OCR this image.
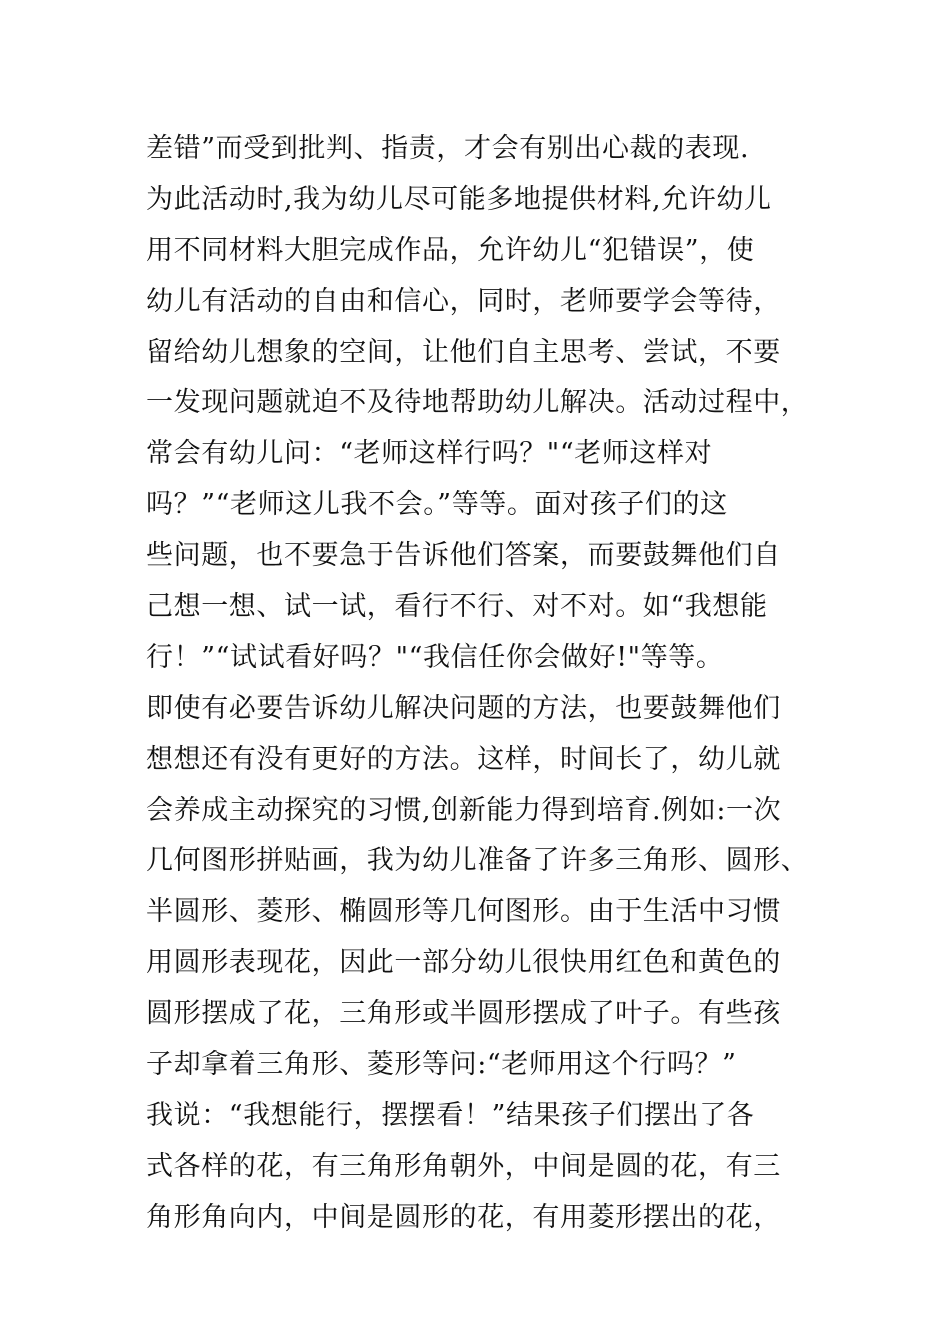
差错”而受到批判、指责，才会有别出心裁的表现.
为此活动时,我为幼儿尽可能多地提供材料,允许幼儿
用不同材料大胆完成作品，允许幼儿“犯错误”，使
幼儿有活动的自由和信心，同时，老师要学会等待，
留给幼儿想象的空间，让他们自主思考、尝试，不要
一发现问题就迫不及待地帮助幼儿解决。活动过程中，
常会有幼儿问：“老师这样行吗？"“老师这样对
吗？”“老师这儿我不会。”等等。面对孩子们的这
些问题，也不要急于告诉他们答案，而要鼓舞他们自
己想一想、试一试，看行不行、对不对。如“我想能
行！”“试试看好吗？"“我信任你会做好!"等等。
即使有必要告诉幼儿解决问题的方法，也要鼓舞他们
想想还有没有更好的方法。这样，时间长了，幼儿就
会养成主动探究的习惯,创新能力得到培育.例如:一次
几何图形拼贴画，我为幼儿准备了许多三角形、圆形、
半圆形、菱形、椭圆形等几何图形。由于生活中习惯
用圆形表现花，因此一部分幼儿很快用红色和黄色的
圆形摆成了花，三角形或半圆形摆成了叶子。有些孩
子却拿着三角形、菱形等问:“老师用这个行吗？”
我说：“我想能行，摆摆看！”结果孩子们摆出了各
式各样的花，有三角形角朝外，中间是圆的花，有三
角形角向内，中间是圆形的花，有用菱形摆出的花，
